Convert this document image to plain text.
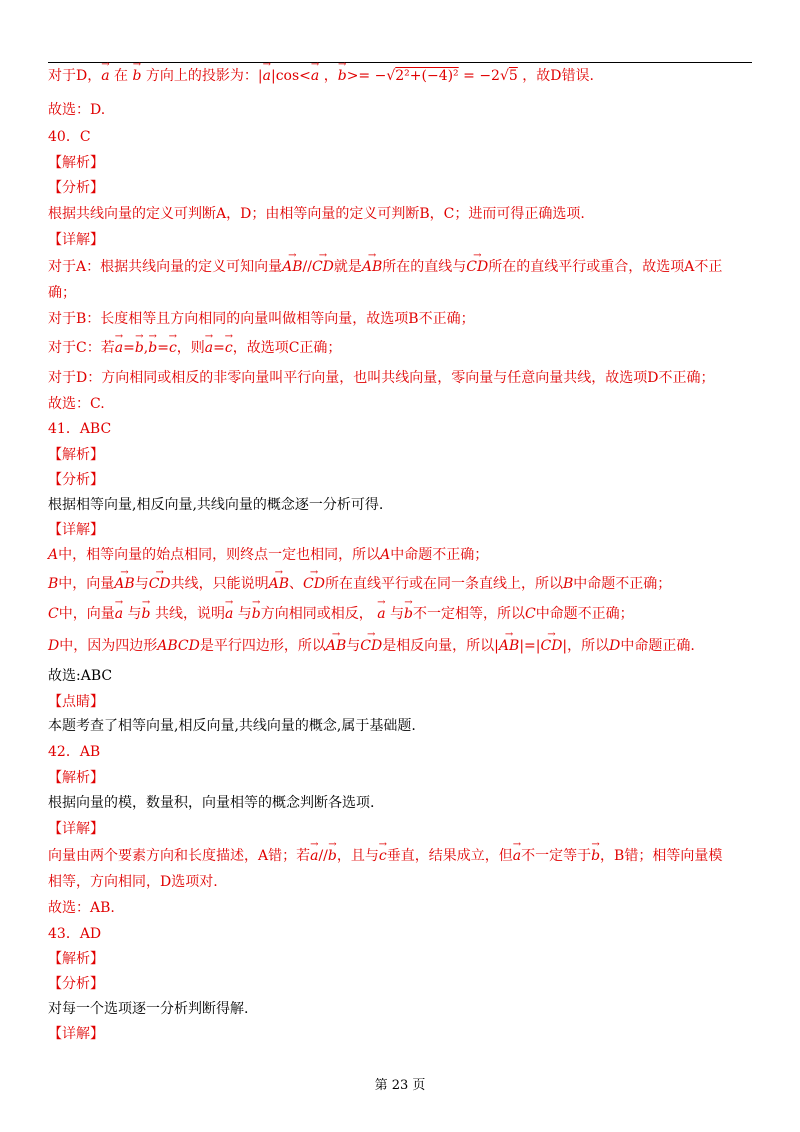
对于D，→ a 在 → b 方向上的投影为：|→ a|cos<→ a ，→ b>= −√2²+(−4)² = −2√5 ，故D错误.
故选：D.
40．C
【解析】
【分析】
根据共线向量的定义可判断A，D；由相等向量的定义可判断B，C；进而可得正确选项.
【详解】
对于A：根据共线向量的定义可知向量→ AB//→ CD就是→ AB所在的直线与→ CD所在的直线平行或重合，故选项A不正
确；
对于B：长度相等且方向相同的向量叫做相等向量，故选项B不正确；
对于C：若→ a=→ b,→ b=→ c，则→ a=→ c，故选项C正确；
对于D：方向相同或相反的非零向量叫平行向量，也叫共线向量，零向量与任意向量共线，故选项D不正确；
故选：C.
41．ABC
【解析】
【分析】
根据相等向量,相反向量,共线向量的概念逐一分析可得.
【详解】
A中，相等向量的始点相同，则终点一定也相同，所以A中命题不正确；
B中，向量→ AB与→ CD共线，只能说明→ AB、→ CD所在直线平行或在同一条直线上，所以B中命题不正确；
C中，向量→ a 与→ b 共线，说明→ a 与→ b方向相同或相反， → a 与→ b不一定相等，所以C中命题不正确；
D中，因为四边形ABCD是平行四边形，所以→ AB与→ CD是相反向量，所以|→ AB|=|→ CD|，所以D中命题正确.
故选:ABC
【点睛】
本题考查了相等向量,相反向量,共线向量的概念,属于基础题.
42．AB
【解析】
根据向量的模，数量积，向量相等的概念判断各选项.
【详解】
向量由两个要素方向和长度描述，A错；若→ a//→ b，且与→ c垂直，结果成立，但→ a不一定等于→ b，B错；相等向量模
相等，方向相同，D选项对.
故选：AB.
43．AD
【解析】
【分析】
对每一个选项逐一分析判断得解.
【详解】
第 23 页
